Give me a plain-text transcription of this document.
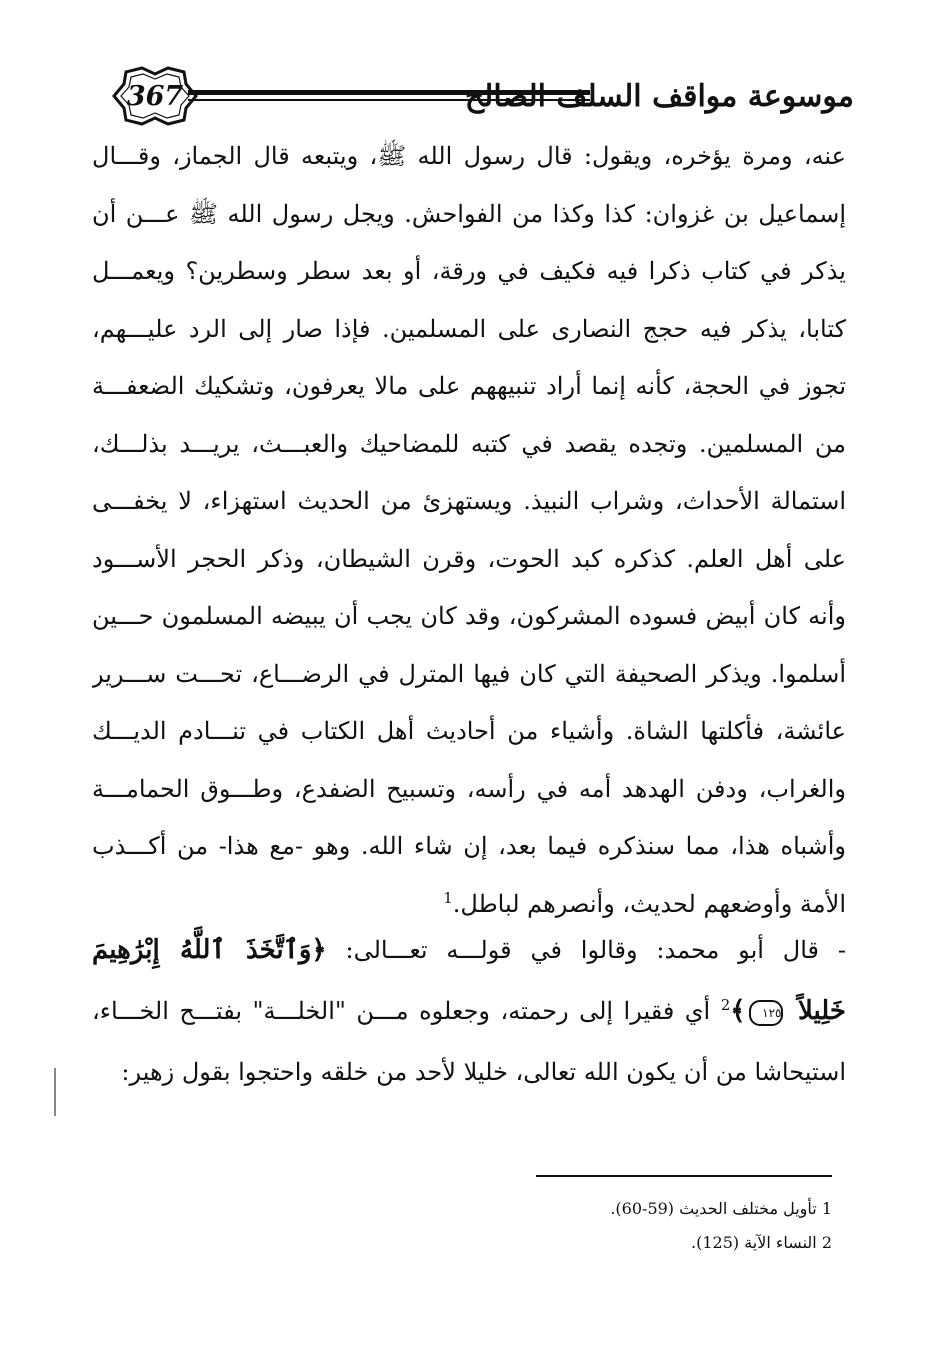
367	موسوعة مواقف السلف الصالح
عنه، ومرة يؤخره، ويقول: قال رسول الله ﷺ، ويتبعه قال الجماز، وقـــال
إسماعيل بن غزوان: كذا وكذا من الفواحش. ويجل رسول الله ﷺ عـــن أن
يذكر في كتاب ذكرا فيه فكيف في ورقة، أو بعد سطر وسطرين؟ ويعمـــل
كتابا، يذكر فيه حجج النصارى على المسلمين. فإذا صار إلى الرد عليـــهم،
تجوز في الحجة، كأنه إنما أراد تنبيههم على مالا يعرفون، وتشكيك الضعفـــة
من المسلمين. وتجده يقصد في كتبه للمضاحيك والعبـــث، يريـــد بذلـــك،
استمالة الأحداث، وشراب النبيذ. ويستهزئ من الحديث استهزاء، لا يخفـــى
على أهل العلم. كذكره كبد الحوت، وقرن الشيطان، وذكر الحجر الأســـود
وأنه كان أبيض فسوده المشركون، وقد كان يجب أن يبيضه المسلمون حـــين
أسلموا. ويذكر الصحيفة التي كان فيها المترل في الرضـــاع، تحـــت ســـرير
عائشة، فأكلتها الشاة. وأشياء من أحاديث أهل الكتاب في تنـــادم الديـــك
والغراب، ودفن الهدهد أمه في رأسه، وتسبيح الضفدع، وطـــوق الحمامـــة
وأشباه هذا، مما سنذكره فيما بعد، إن شاء الله. وهو -مع هذا- من أكـــذب
الأمة وأوضعهم لحديث، وأنصرهم لباطل.$^1$
- قال أبو محمد: وقالوا في قولـــه تعـــالى: ﴿وَٱتَّخَذَ ٱللَّهُ إِبْرَٰهِيمَ
خَلِيلاً ١٢٥﴾$^2$ أي فقيرا إلى رحمته، وجعلوه مـــن "الخلـــة" بفتـــح الخـــاء،
استيحاشا من أن يكون الله تعالى، خليلا لأحد من خلقه واحتجوا بقول زهير:
1 تأويل مختلف الحديث (59-60).
2 النساء الآية (125).
